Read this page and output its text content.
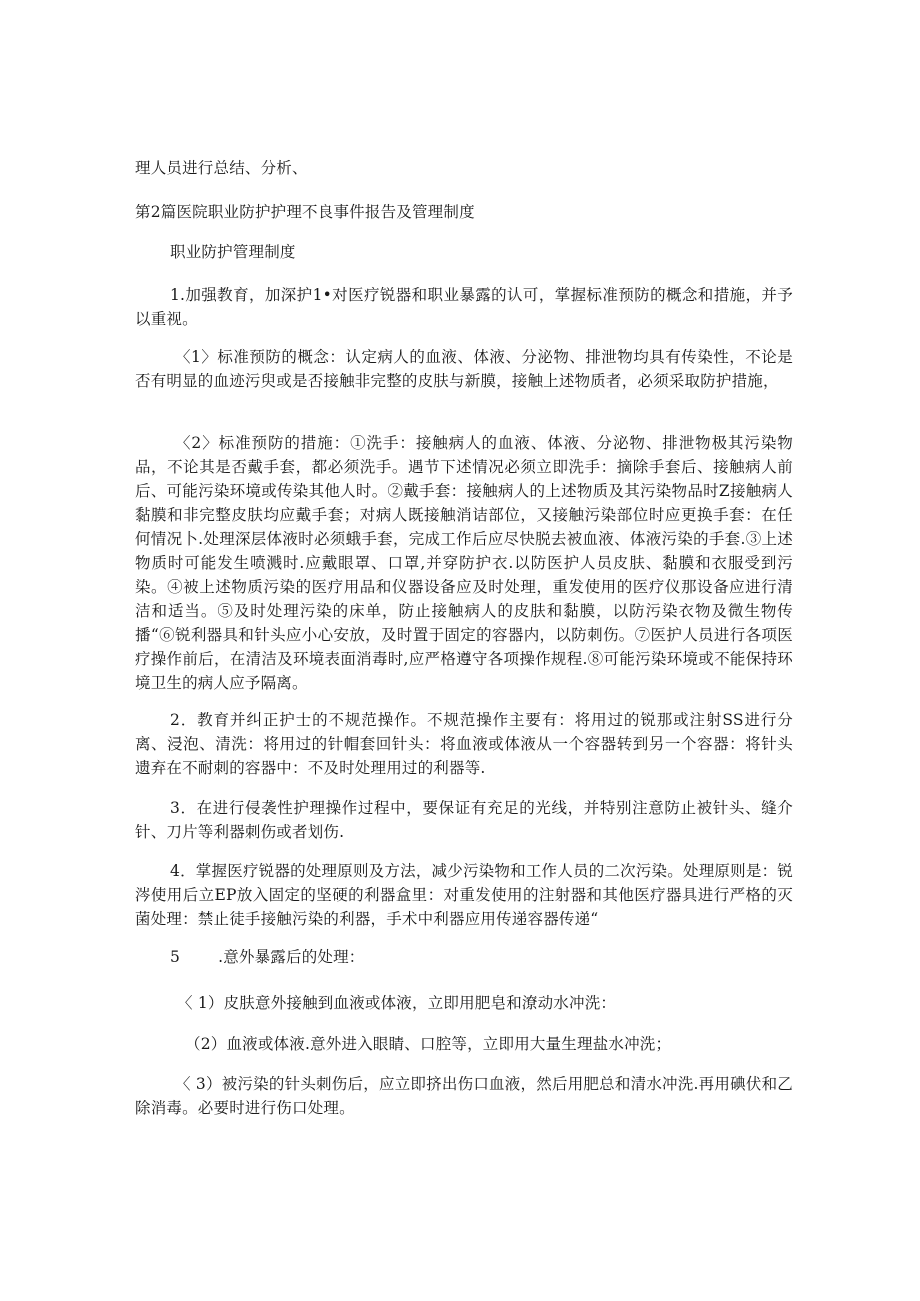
理人员进行总结、分析、

第2篇医院职业防护护理不良事件报告及管理制度

职业防护管理制度

1.加强教育，加深护1•对医疗锐器和职业暴露的认可，掌握标准预防的概念和措施，并予以重视。

〈1〉标准预防的概念：认定病人的血液、体液、分泌物、排泄物均具有传染性，不论是否有明显的血迹污臾或是否接触非完整的皮肤与新膜，接触上述物质者，必须采取防护措施，

〈2〉标准预防的措施：①洗手：接触病人的血液、体液、分泌物、排泄物极其污染物品，不论其是否戴手套，都必须洗手。遇节下述情况必须立即洗手：摘除手套后、接触病人前后、可能污染环境或传染其他人时。②戴手套：接触病人的上述物质及其污染物品时Z接触病人黏膜和非完整皮肤均应戴手套；对病人既接触消诘部位，又接触污染部位时应更换手套：在任何情况卜.处理深层体液时必须蛾手套，完成工作后应尽快脱去被血液、体液污染的手套.③上述物质时可能发生喷溅时.应戴眼罩、口罩,并穿防护衣.以防医护人员皮肤、黏膜和衣服受到污染。④被上述物质污染的医疗用品和仪器设备应及时处理，重发使用的医疗仪那设备应进行清洁和适当。⑤及时处理污染的床单，防止接触病人的皮肤和黏膜，以防污染衣物及微生物传播“⑥锐利器具和针头应小心安放，及时置于固定的容器内，以防刺伤。⑦医护人员进行各项医疗操作前后，在清洁及环境表面消毒时,应严格遵守各项操作规程.⑧可能污染环境或不能保持环境卫生的病人应予隔离。

2．教育并纠正护士的不规范操作。不规范操作主要有：将用过的锐那或注射SS进行分离、浸泡、清洗：将用过的针帽套回针头：将血液或体液从一个容器转到另一个容器：将针头遗弃在不耐刺的容器中：不及时处理用过的利器等.

3．在进行侵袭性护理操作过程中，要保证有充足的光线，并特别注意防止被针头、缝介针、刀片等利器刺伤或者划伤.

4．掌握医疗锐器的处理原则及方法，减少污染物和工作人员的二次污染。处理原则是：锐涔使用后立EP放入固定的坚硬的利器盒里：对重发使用的注射器和其他医疗器具进行严格的灭菌处理：禁止徒手接触污染的利器，手术中利器应用传递容器传递“

5 .意外暴露后的处理：

〈 1）皮肤意外接触到血液或体液，立即用肥皂和潦动水冲洗：

（2）血液或体液.意外进入眼睛、口腔等，立即用大量生理盐水冲洗；

〈 3）被污染的针头刺伤后，应立即挤出伤口血液，然后用肥总和清水冲洗.再用碘伏和乙除消毒。必要时进行伤口处理。
